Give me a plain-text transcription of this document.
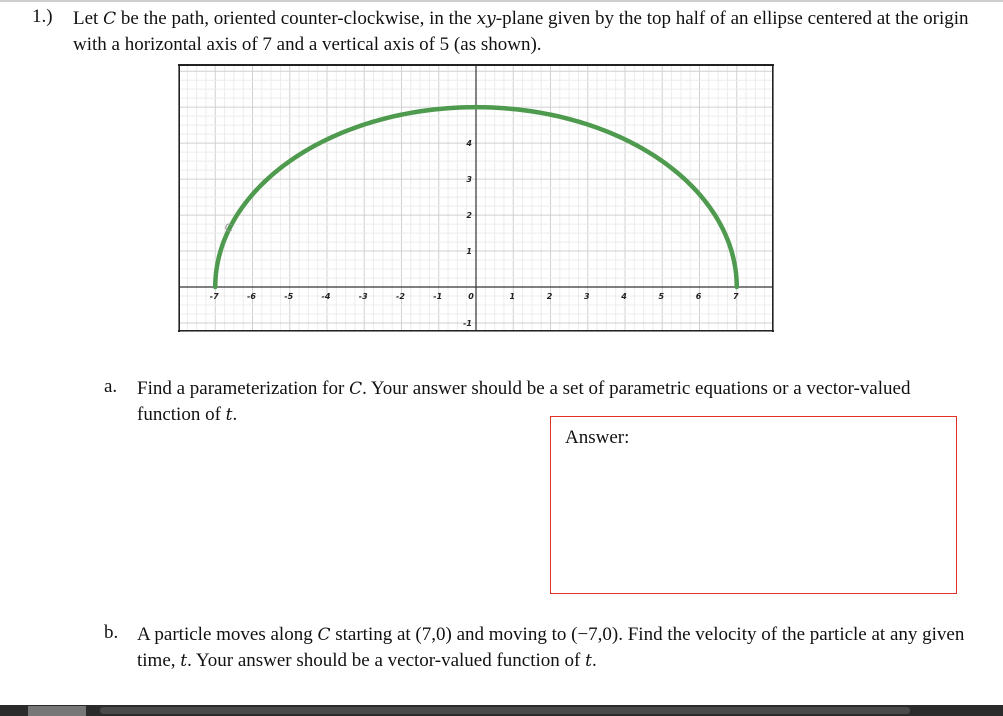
1.) Let C be the path, oriented counter-clockwise, in the xy-plane given by the top half of an ellipse centered at the origin with a horizontal axis of 7 and a vertical axis of 5 (as shown).
-7	-6	-5	-4	-3	-2	-1	0	1	2	3	4	5	6	7
4
3
2
1
-1
C
a. Find a parameterization for C. Your answer should be a set of parametric equations or a vector-valued function of t.
Answer:
b. A particle moves along C starting at (7,0) and moving to (−7,0). Find the velocity of the particle at any given time, t. Your answer should be a vector-valued function of t.
